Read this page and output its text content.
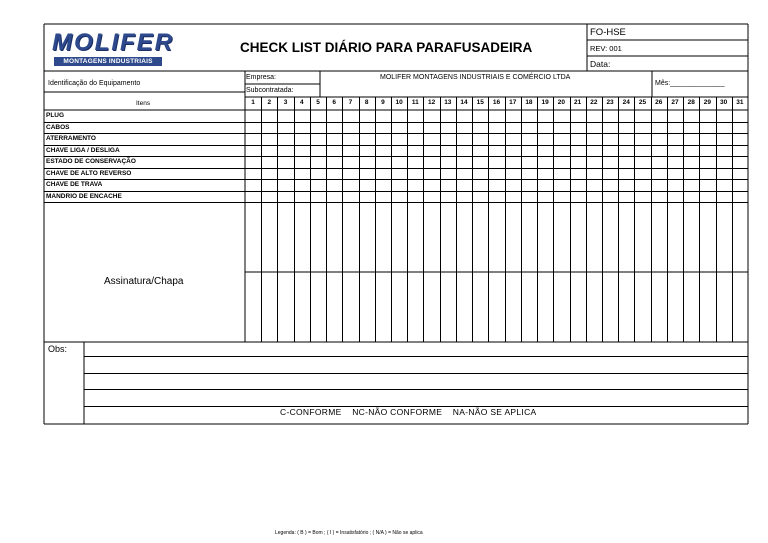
MOLIFER
MONTAGENS INDUSTRIAIS
CHECK LIST DIÁRIO PARA PARAFUSADEIRA
FO-HSE
REV: 001
Data:
Identificação do Equipamento
Empresa:	MOLIFER MONTAGENS INDUSTRIAIS E COMÉRCIO LTDA
Subcontratada:
Mês:______________
Itens	1	2	3	4	5	6	7	8	9	10	11	12	13	14	15	16	17	18	19	20	21	22	23	24	25	26	27	28	29	30	31
PLUG
CABOS
ATERRAMENTO
CHAVE LIGA / DESLIGA
ESTADO DE CONSERVAÇÃO
CHAVE DE ALTO REVERSO
CHAVE DE TRAVA
MANDRIO DE ENCACHE
Assinatura/Chapa
Obs:
C-CONFORME    NC-NÃO CONFORME    NA-NÃO SE APLICA
Legenda: ( B ) = Bom ; ( I ) = Insatisfatório ; ( N/A ) = Não se aplica
